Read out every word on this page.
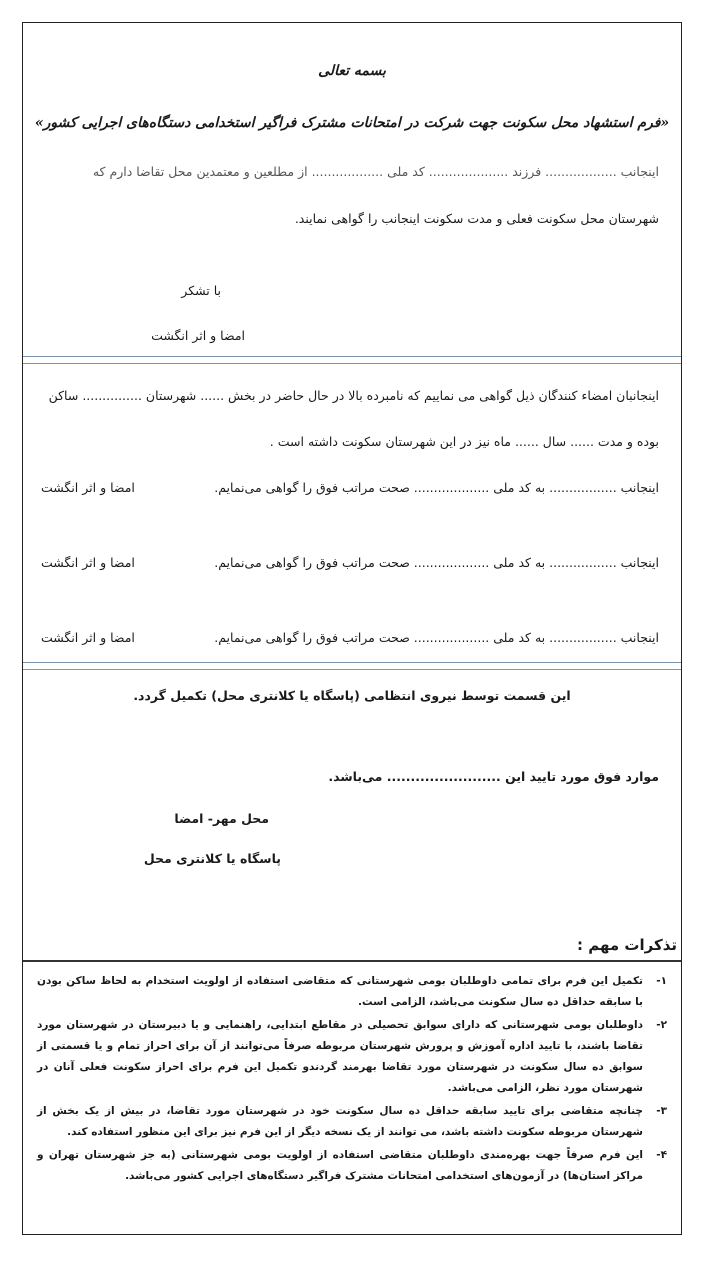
بسمه تعالی
«فرم استشهاد محل سکونت جهت شرکت در امتحانات مشترک فراگیر استخدامی دستگاه‌های اجرایی کشور»
اینجانب .................. فرزند .................... کد ملی .................. از مطلعین و معتمدین محل تقاضا دارم که
شهرستان محل سکونت فعلی و مدت سکونت اینجانب را گواهی نمایند.
با تشکر
امضا و اثر انگشت
اینجانبان امضاء کنندگان ذیل گواهی می نماییم که نامبرده بالا در حال حاضر در بخش ...... شهرستان ............... ساکن
بوده و مدت ...... سال ...... ماه نیز در این شهرستان سکونت داشته است .
اینجانب ................. به کد ملی ................... صحت مراتب فوق را گواهی می‌نمایم.
امضا و اثر انگشت
اینجانب ................. به کد ملی ................... صحت مراتب فوق را گواهی می‌نمایم.
امضا و اثر انگشت
اینجانب ................. به کد ملی ................... صحت مراتب فوق را گواهی می‌نمایم.
امضا و اثر انگشت
این قسمت توسط نیروی انتظامی (پاسگاه یا کلانتری محل) تکمیل گردد.
موارد فوق مورد تایید این ........................ می‌باشد.
محل مهر- امضا
پاسگاه یا کلانتری محل
تذکرات مهم :
۱-
تکمیل این فرم برای تمامی داوطلبان بومی شهرستانی که متقاضی استفاده از اولویت استخدام به لحاظ ساکن بودن با سابقه حداقل ده سال سکونت می‌باشد، الزامی است.
۲-
داوطلبان بومی شهرستانی که دارای سوابق تحصیلی در مقاطع ابتدایی، راهنمایی و یا دبیرستان در شهرستان مورد تقاضا باشند، با تایید اداره آموزش و پرورش شهرستان مربوطه صرفاً می‌توانند از آن برای احراز تمام و یا قسمتی از سوابق ده سال سکونت در شهرستان مورد تقاضا بهرمند گردندو تکمیل این فرم برای احراز سکونت فعلی آنان در شهرستان مورد نظر، الزامی می‌باشد.
۳-
چنانچه متقاضی برای تایید سابقه حداقل ده سال سکونت خود در شهرستان مورد تقاضا، در بیش از یک بخش از شهرستان مربوطه سکونت داشته باشد، می توانند از یک نسخه دیگر از این فرم نیز برای این منظور استفاده کند.
۴-
این فرم صرفاً جهت بهره‌مندی داوطلبان متقاضی استفاده از اولویت بومی شهرستانی (به جز شهرستان تهران و مراکز استان‌ها) در آزمون‌های استخدامی امتحانات مشترک فراگیر دستگاه‌های اجرایی کشور می‌باشد.
